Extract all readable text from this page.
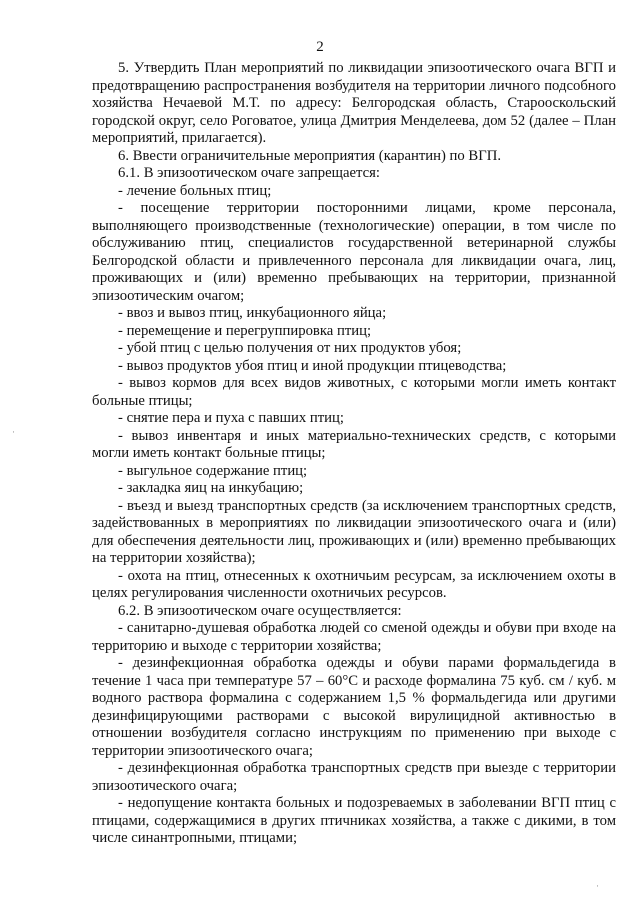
2

5. Утвердить План мероприятий по ликвидации эпизоотического очага ВГП и предотвращению распространения возбудителя на территории личного подсобного хозяйства Нечаевой М.Т. по адресу: Белгородская область, Старооскольский городской округ, село Роговатое, улица Дмитрия Менделеева, дом 52 (далее – План мероприятий, прилагается).

6. Ввести ограничительные мероприятия (карантин) по ВГП.

6.1. В эпизоотическом очаге запрещается:

- лечение больных птиц;

- посещение территории посторонними лицами, кроме персонала, выполняющего производственные (технологические) операции, в том числе по обслуживанию птиц, специалистов государственной ветеринарной службы Белгородской области и привлеченного персонала для ликвидации очага, лиц, проживающих и (или) временно пребывающих на территории, признанной эпизоотическим очагом;

- ввоз и вывоз птиц, инкубационного яйца;

- перемещение и перегруппировка птиц;

- убой птиц с целью получения от них продуктов убоя;

- вывоз продуктов убоя птиц и иной продукции птицеводства;

- вывоз кормов для всех видов животных, с которыми могли иметь контакт больные птицы;

- снятие пера и пуха с павших птиц;

- вывоз инвентаря и иных материально-технических средств, с которыми могли иметь контакт больные птицы;

- выгульное содержание птиц;

- закладка яиц на инкубацию;

- въезд и выезд транспортных средств (за исключением транспортных средств, задействованных в мероприятиях по ликвидации эпизоотического очага и (или) для обеспечения деятельности лиц, проживающих и (или) временно пребывающих на территории хозяйства);

- охота на птиц, отнесенных к охотничьим ресурсам, за исключением охоты в целях регулирования численности охотничьих ресурсов.

6.2. В эпизоотическом очаге осуществляется:

- санитарно-душевая обработка людей со сменой одежды и обуви при входе на территорию и выходе с территории хозяйства;

- дезинфекционная обработка одежды и обуви парами формальдегида в течение 1 часа при температуре 57 – 60°С и расходе формалина 75 куб. см / куб. м водного раствора формалина с содержанием 1,5 % формальдегида или другими дезинфицирующими растворами с высокой вирулицидной активностью в отношении возбудителя согласно инструкциям по применению при выходе с территории эпизоотического очага;

- дезинфекционная обработка транспортных средств при выезде с территории эпизоотического очага;

- недопущение контакта больных и подозреваемых в заболевании ВГП птиц с птицами, содержащимися в других птичниках хозяйства, а также с дикими, в том числе синантропными, птицами;

·
·
